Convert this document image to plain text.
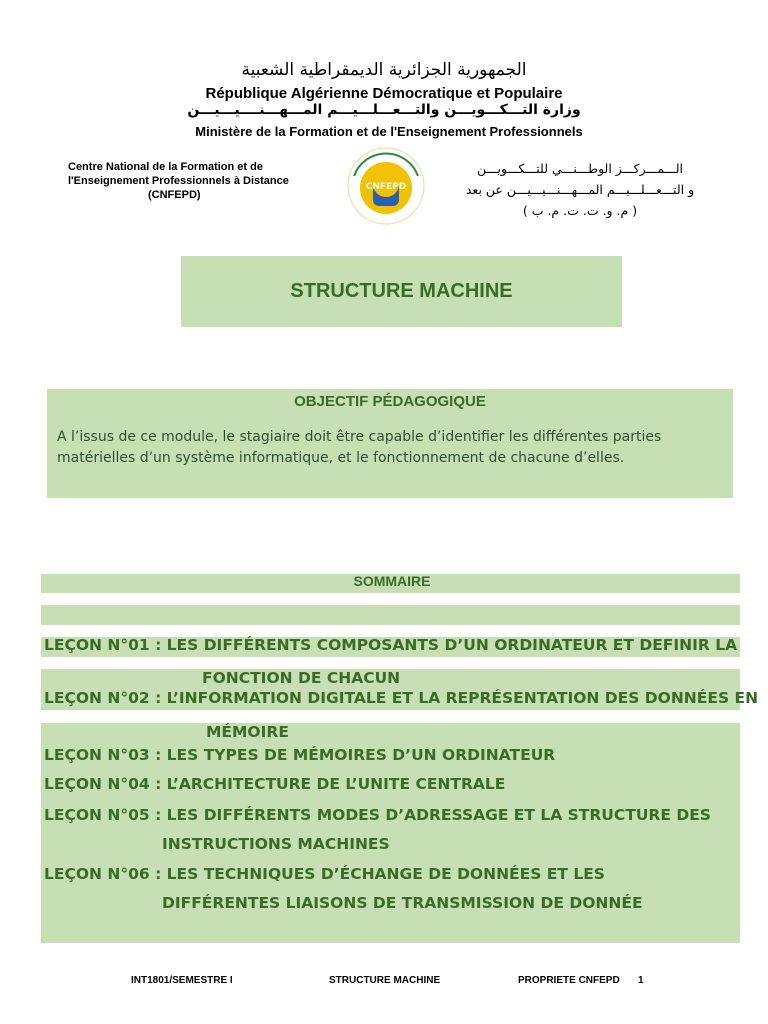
الجمهورية الجزائرية الديمقراطية الشعبية
République Algérienne Démocratique et Populaire
وزارة التـــكـــويـــن والتـــعـــلـــيـــم المـــهـــنــــيـــيـــن
Ministère de la Formation et de l'Enseignement Professionnels
Centre National de la Formation et de
l'Enseignement Professionnels à Distance
(CNFEPD)
CNFEPD
الـــمـــركـــز الوطـــنـــي للتـــكـــويـــن
و التـــعـــلـــيـــم المـــهـــنـــيـــيـــن عن بعد
( م. و. ت. ت. م. ب )
STRUCTURE MACHINE
OBJECTIF PÉDAGOGIQUE
A l’issus de ce module, le stagiaire doit être capable d’identifier les différentes parties matérielles d’un système informatique, et le fonctionnement de chacune d’elles.
SOMMAIRE
LEÇON N°01 : LES DIFFÉRENTS COMPOSANTS D’UN ORDINATEUR ET DEFINIR LA
FONCTION DE CHACUN
LEÇON N°02 : L’INFORMATION DIGITALE ET LA REPRÉSENTATION DES DONNÉES EN
MÉMOIRE
LEÇON N°03 : LES TYPES DE MÉMOIRES D’UN ORDINATEUR
LEÇON N°04 : L’ARCHITECTURE DE L’UNITE CENTRALE
LEÇON N°05 : LES DIFFÉRENTS MODES D’ADRESSAGE ET LA STRUCTURE DES
INSTRUCTIONS MACHINES
LEÇON N°06 : LES TECHNIQUES D’ÉCHANGE DE DONNÉES ET LES
DIFFÉRENTES LIAISONS DE TRANSMISSION DE DONNÉE
INT1801/SEMESTRE I	STRUCTURE MACHINE	PROPRIETE CNFEPD 1
